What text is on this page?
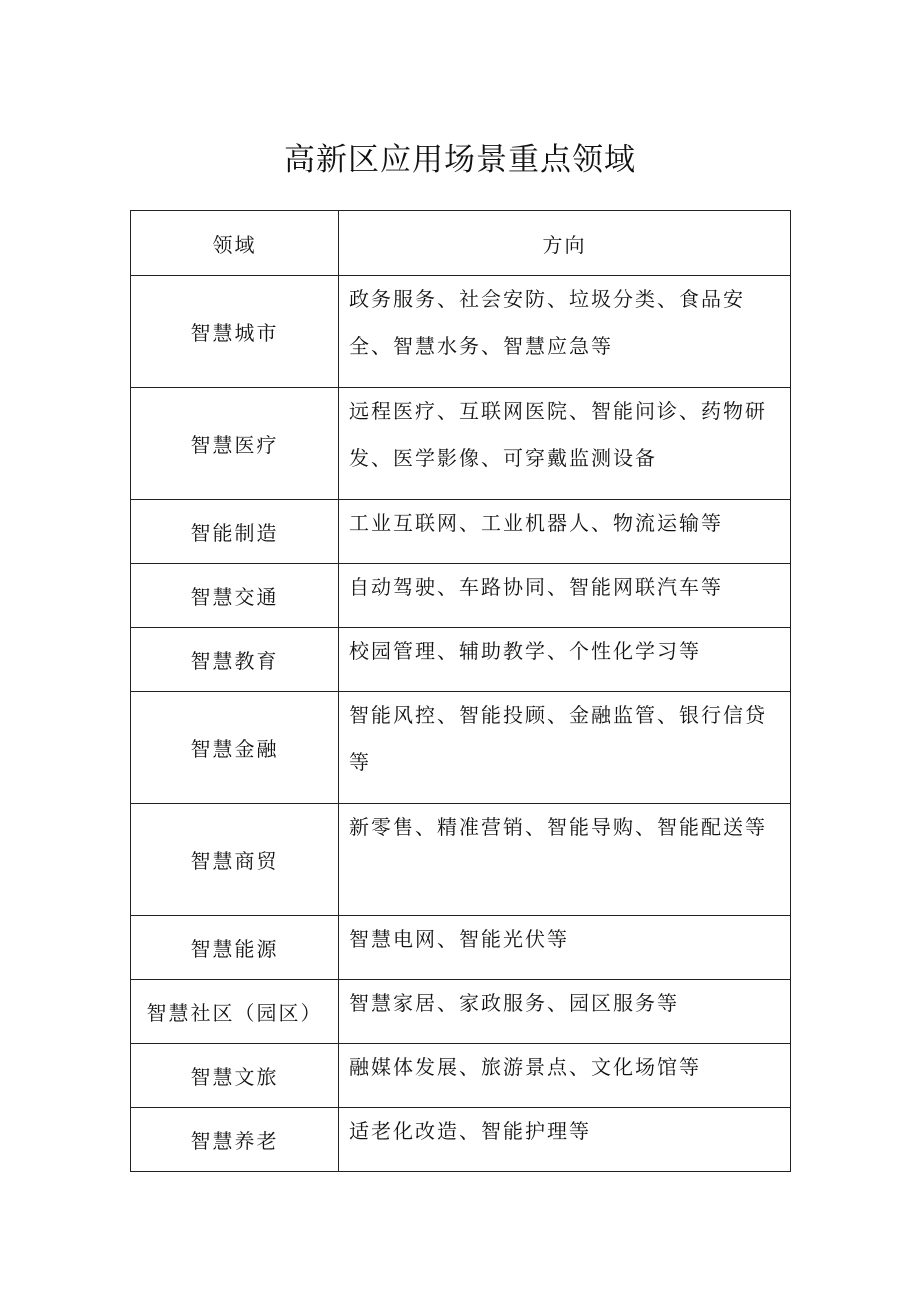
高新区应用场景重点领域
领域	方向
智慧城市	政务服务、社会安防、垃圾分类、食品安全、智慧水务、智慧应急等
智慧医疗	远程医疗、互联网医院、智能问诊、药物研发、医学影像、可穿戴监测设备
智能制造	工业互联网、工业机器人、物流运输等
智慧交通	自动驾驶、车路协同、智能网联汽车等
智慧教育	校园管理、辅助教学、个性化学习等
智慧金融	智能风控、智能投顾、金融监管、银行信贷等
智慧商贸	新零售、精准营销、智能导购、智能配送等
智慧能源	智慧电网、智能光伏等
智慧社区（园区）	智慧家居、家政服务、园区服务等
智慧文旅	融媒体发展、旅游景点、文化场馆等
智慧养老	适老化改造、智能护理等
